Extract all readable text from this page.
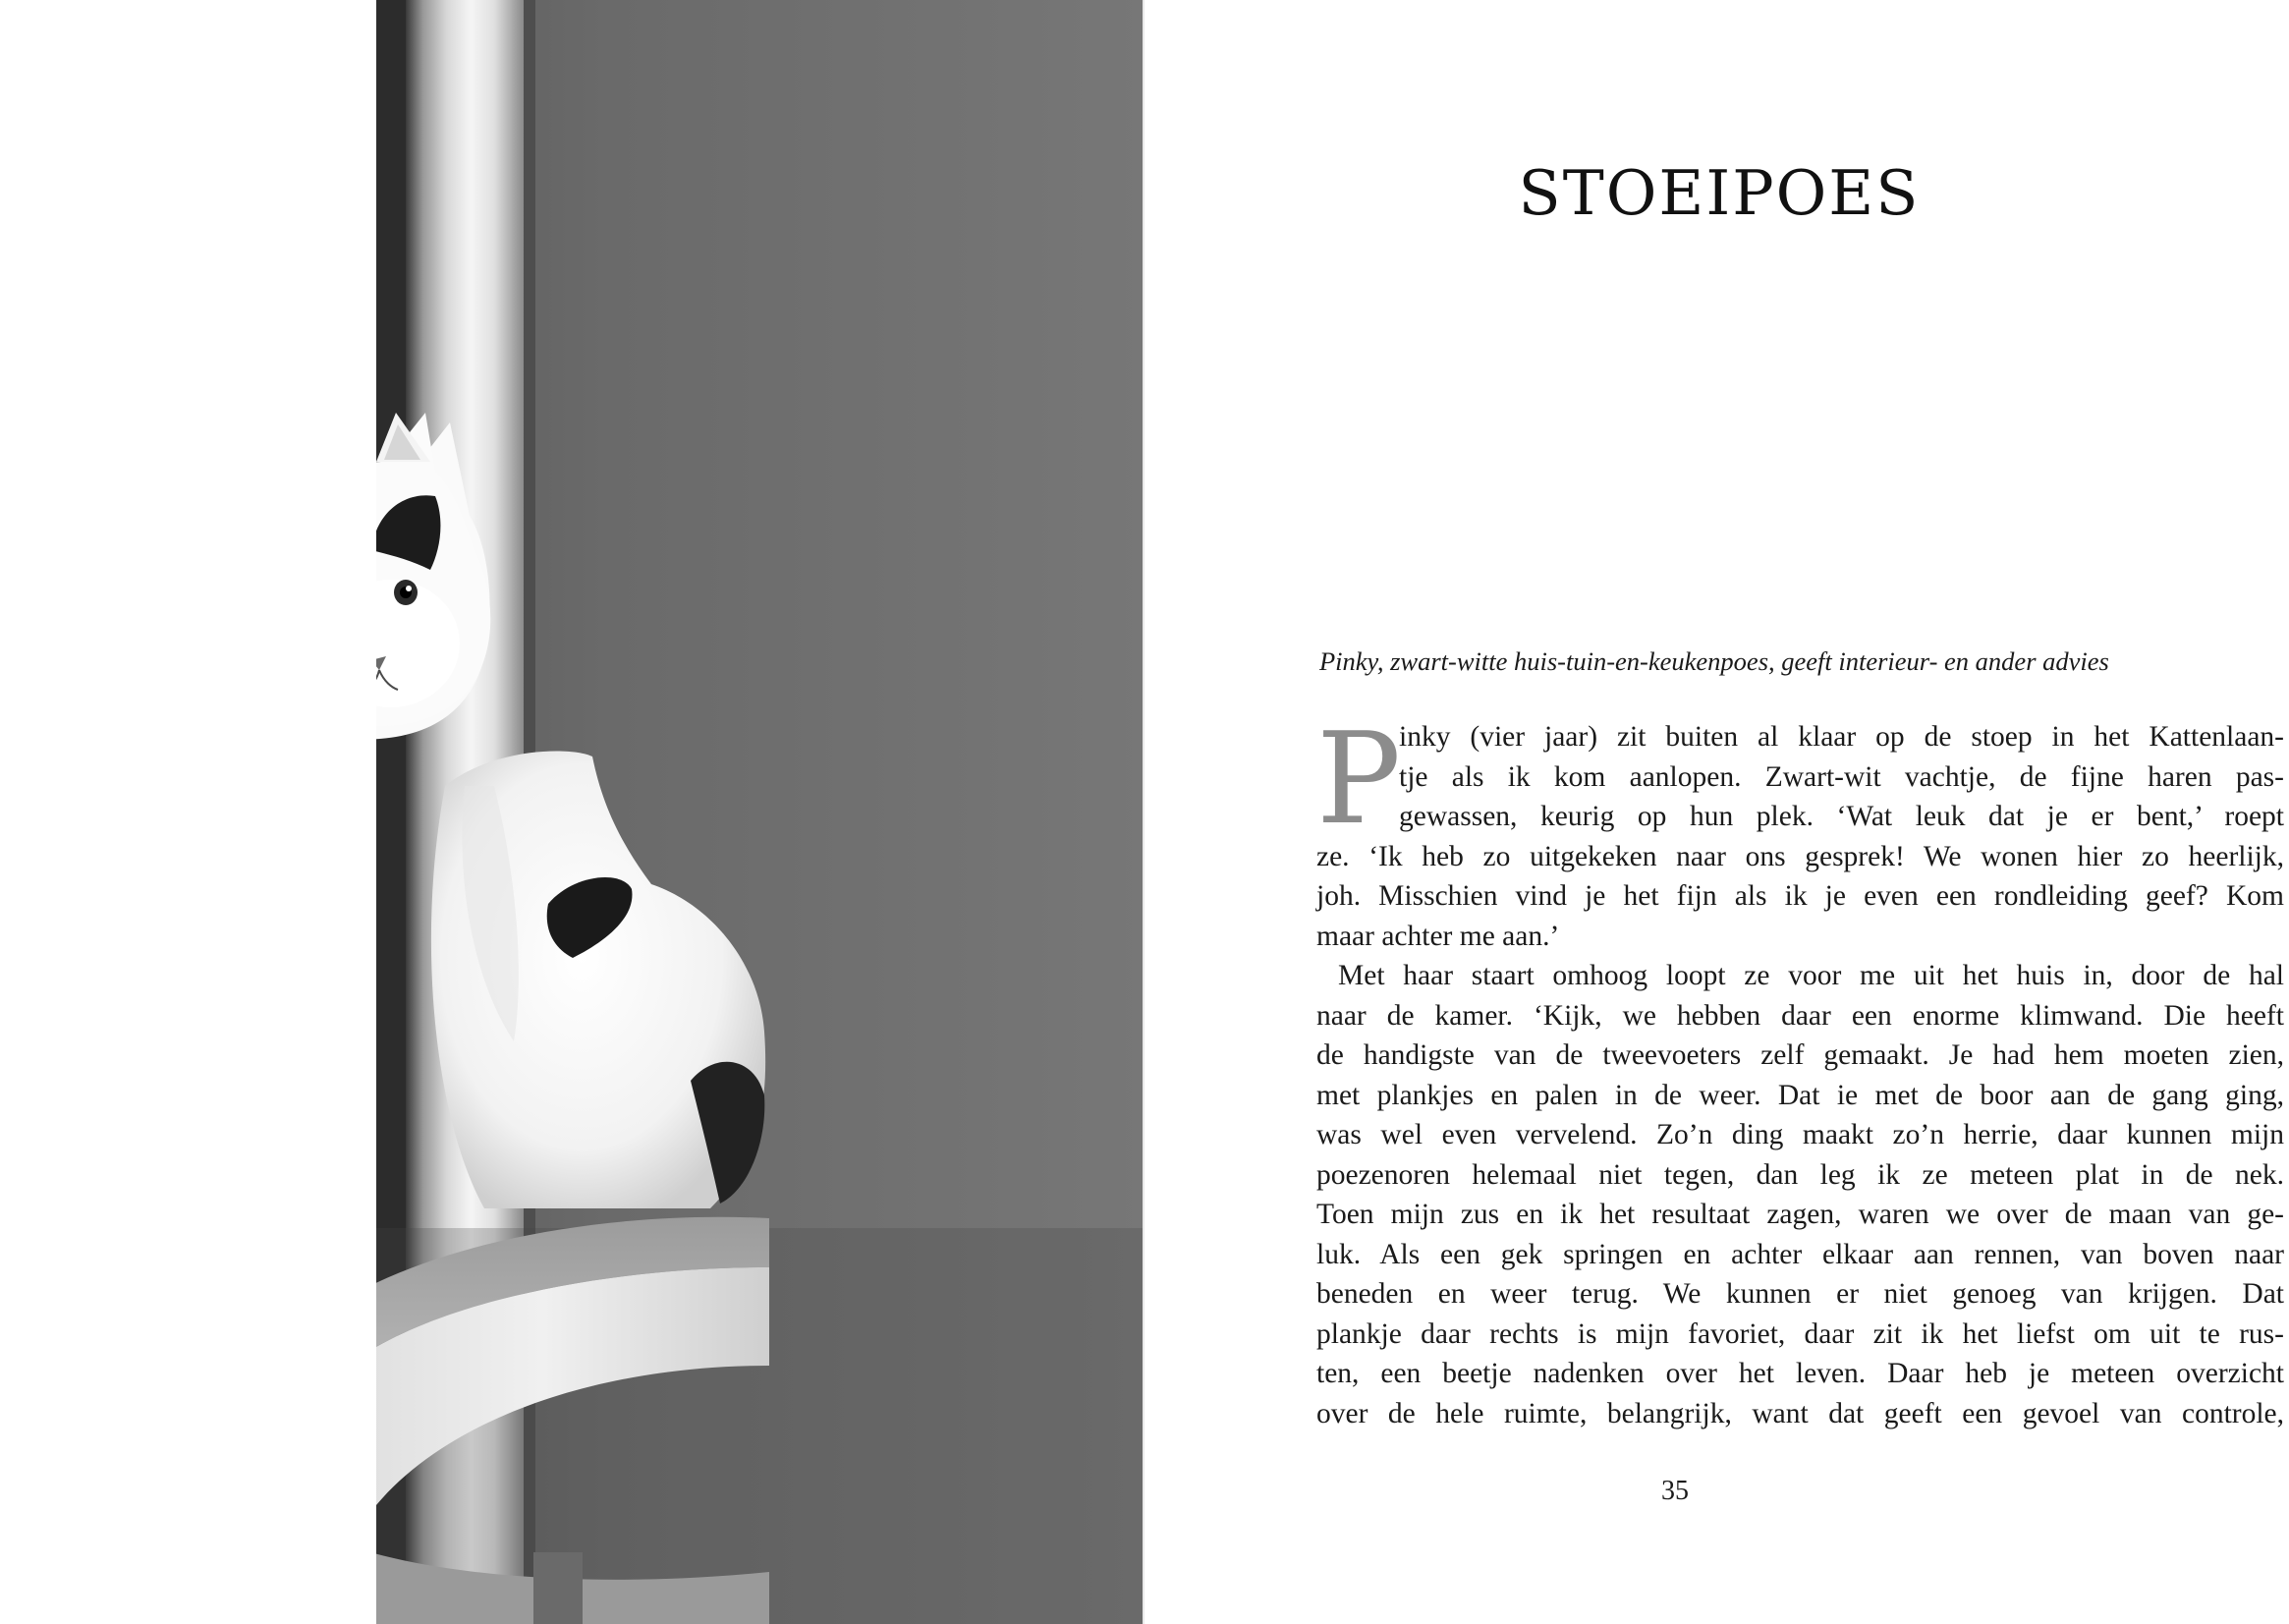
STOEIPOES
Pinky, zwart-witte huis-tuin-en-keukenpoes, geeft interieur- en ander advies
P
inky (vier jaar) zit buiten al klaar op de stoep in het Kattenlaan-
tje als ik kom aanlopen. Zwart-wit vachtje, de fijne haren pas-
gewassen, keurig op hun plek. ‘Wat leuk dat je er bent,’ roept
ze. ‘Ik heb zo uitgekeken naar ons gesprek! We wonen hier zo heerlijk,
joh. Misschien vind je het fijn als ik je even een rondleiding geef? Kom
maar achter me aan.’
Met haar staart omhoog loopt ze voor me uit het huis in, door de hal
naar de kamer. ‘Kijk, we hebben daar een enorme klimwand. Die heeft
de handigste van de tweevoeters zelf gemaakt. Je had hem moeten zien,
met plankjes en palen in de weer. Dat ie met de boor aan de gang ging,
was wel even vervelend. Zo’n ding maakt zo’n herrie, daar kunnen mijn
poezenoren helemaal niet tegen, dan leg ik ze meteen plat in de nek.
Toen mijn zus en ik het resultaat zagen, waren we over de maan van ge-
luk. Als een gek springen en achter elkaar aan rennen, van boven naar
beneden en weer terug. We kunnen er niet genoeg van krijgen. Dat
plankje daar rechts is mijn favoriet, daar zit ik het liefst om uit te rus-
ten, een beetje nadenken over het leven. Daar heb je meteen overzicht
over de hele ruimte, belangrijk, want dat geeft een gevoel van controle,
35
